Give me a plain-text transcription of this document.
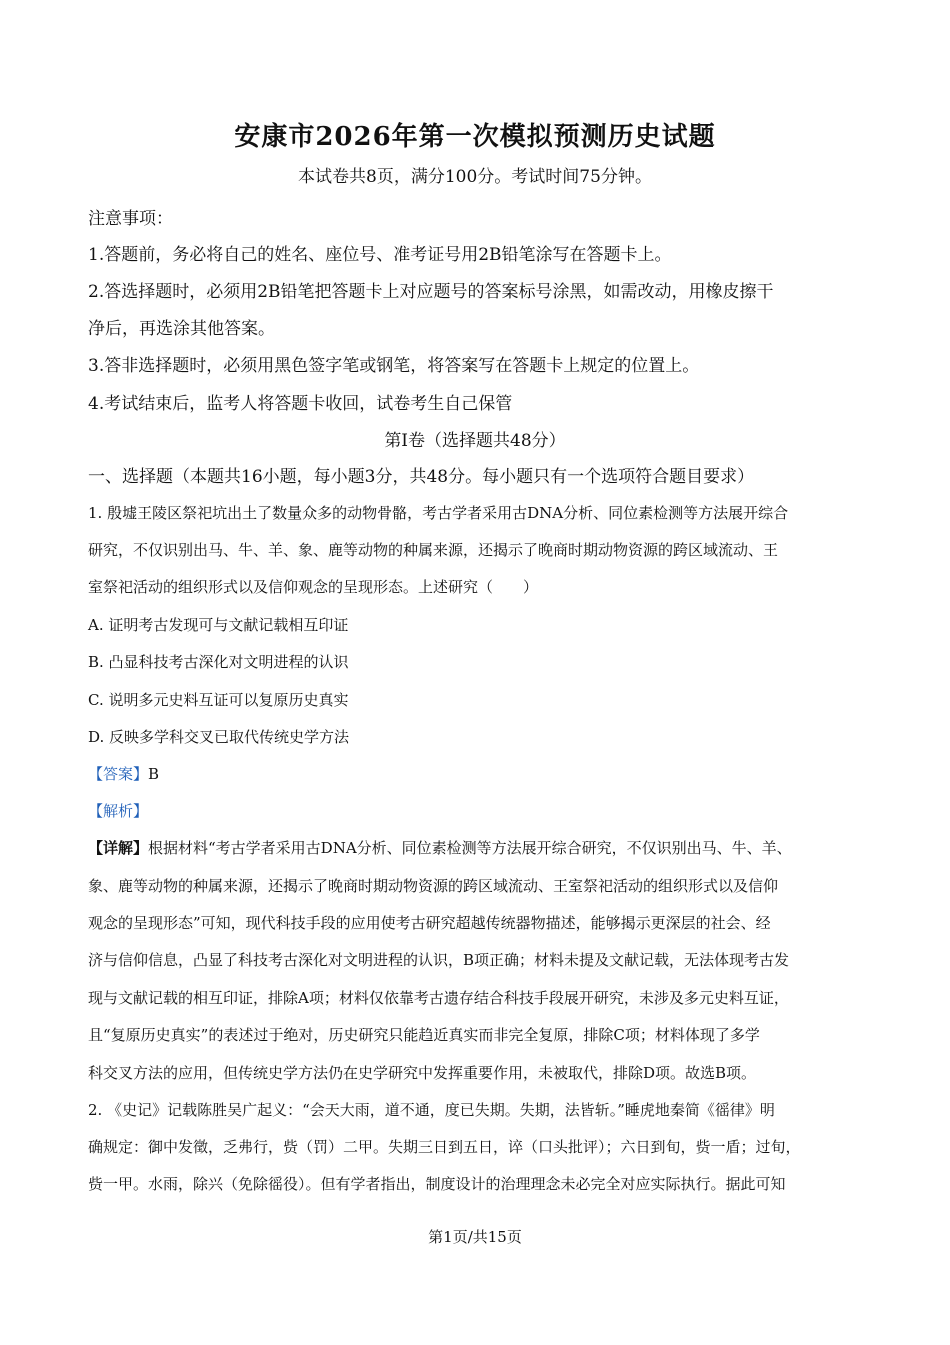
安康市2026年第一次模拟预测历史试题
本试卷共8页，满分100分。考试时间75分钟。
注意事项：
1.答题前，务必将自己的姓名、座位号、准考证号用2B铅笔涂写在答题卡上。
2.答选择题时，必须用2B铅笔把答题卡上对应题号的答案标号涂黑，如需改动，用橡皮擦干
净后，再选涂其他答案。
3.答非选择题时，必须用黑色签字笔或钢笔，将答案写在答题卡上规定的位置上。
4.考试结束后，监考人将答题卡收回，试卷考生自己保管
第Ⅰ卷（选择题共48分）
一、选择题（本题共16小题，每小题3分，共48分。每小题只有一个选项符合题目要求）
1. 殷墟王陵区祭祀坑出土了数量众多的动物骨骼，考古学者采用古DNA分析、同位素检测等方法展开综合
研究，不仅识别出马、牛、羊、象、鹿等动物的种属来源，还揭示了晚商时期动物资源的跨区域流动、王
室祭祀活动的组织形式以及信仰观念的呈现形态。上述研究（　　）
A. 证明考古发现可与文献记载相互印证
B. 凸显科技考古深化对文明进程的认识
C. 说明多元史料互证可以复原历史真实
D. 反映多学科交叉已取代传统史学方法
【答案】B
【解析】
【详解】根据材料“考古学者采用古DNA分析、同位素检测等方法展开综合研究，不仅识别出马、牛、羊、
象、鹿等动物的种属来源，还揭示了晚商时期动物资源的跨区域流动、王室祭祀活动的组织形式以及信仰
观念的呈现形态”可知，现代科技手段的应用使考古研究超越传统器物描述，能够揭示更深层的社会、经
济与信仰信息，凸显了科技考古深化对文明进程的认识，B项正确；材料未提及文献记载，无法体现考古发
现与文献记载的相互印证，排除A项；材料仅依靠考古遗存结合科技手段展开研究，未涉及多元史料互证，
且“复原历史真实”的表述过于绝对，历史研究只能趋近真实而非完全复原，排除C项；材料体现了多学
科交叉方法的应用，但传统史学方法仍在史学研究中发挥重要作用，未被取代，排除D项。故选B项。
2. 《史记》记载陈胜吴广起义：“会天大雨，道不通，度已失期。失期，法皆斩。”睡虎地秦简《徭律》明
确规定：御中发徵，乏弗行，赀（罚）二甲。失期三日到五日，谇（口头批评）；六日到旬，赀一盾；过旬，
赀一甲。水雨，除兴（免除徭役）。但有学者指出，制度设计的治理理念未必完全对应实际执行。据此可知
第1页/共15页
